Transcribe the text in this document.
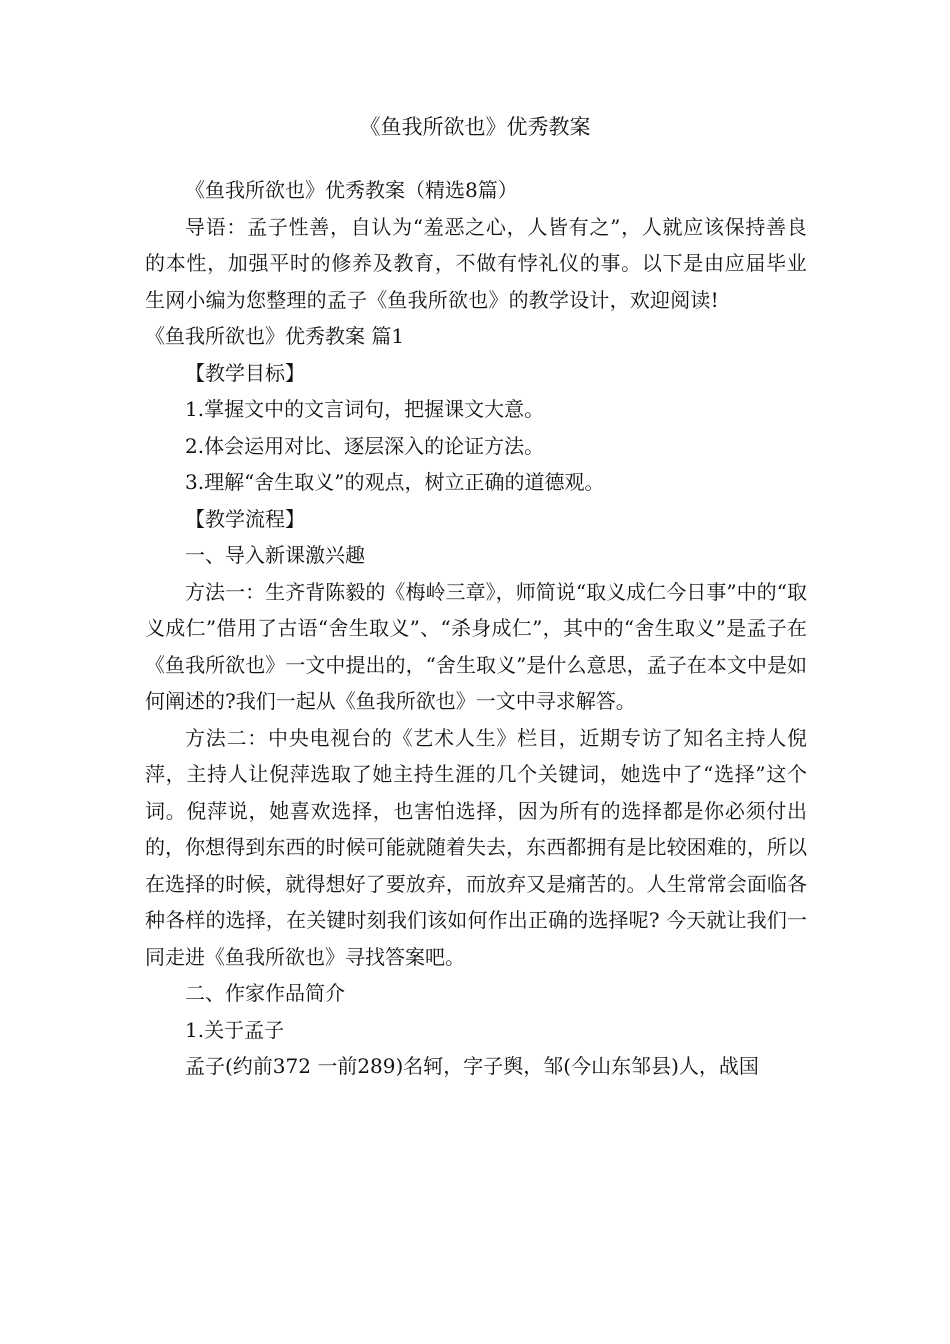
《鱼我所欲也》优秀教案

《鱼我所欲也》优秀教案（精选8篇）

导语：孟子性善，自认为“羞恶之心，人皆有之”，人就应该保持善良的本性，加强平时的修养及教育，不做有悖礼仪的事。以下是由应届毕业生网小编为您整理的孟子《鱼我所欲也》的教学设计，欢迎阅读!

《鱼我所欲也》优秀教案 篇1

【教学目标】

1.掌握文中的文言词句，把握课文大意。

2.体会运用对比、逐层深入的论证方法。

3.理解“舍生取义”的观点，树立正确的道德观。

【教学流程】

一、导入新课激兴趣

方法一：生齐背陈毅的《梅岭三章》，师简说“取义成仁今日事”中的“取义成仁”借用了古语“舍生取义”、“杀身成仁”，其中的“舍生取义”是孟子在《鱼我所欲也》一文中提出的，“舍生取义”是什么意思，孟子在本文中是如何阐述的?我们一起从《鱼我所欲也》一文中寻求解答。

方法二：中央电视台的《艺术人生》栏目，近期专访了知名主持人倪萍，主持人让倪萍选取了她主持生涯的几个关键词，她选中了“选择”这个词。倪萍说，她喜欢选择，也害怕选择，因为所有的选择都是你必须付出的，你想得到东西的时候可能就随着失去，东西都拥有是比较困难的，所以在选择的时候，就得想好了要放弃，而放弃又是痛苦的。人生常常会面临各种各样的选择，在关键时刻我们该如何作出正确的选择呢? 今天就让我们一同走进《鱼我所欲也》寻找答案吧。

二、作家作品简介

1.关于孟子

孟子(约前372 一前289)名轲，字子舆，邹(今山东邹县)人，战国
